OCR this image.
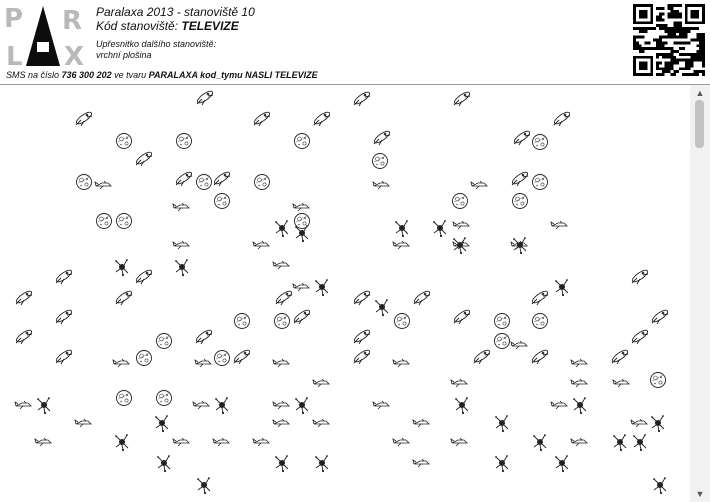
P R
L X
Paralaxa 2013 - stanoviště 10
Kód stanoviště: TELEVIZE
Upřesnitko dalšího stanoviště:
vrchní plošina
SMS na číslo 736 300 202 ve tvaru PARALAXA kod_tymu NASLI TELEVIZE
▲
▼
